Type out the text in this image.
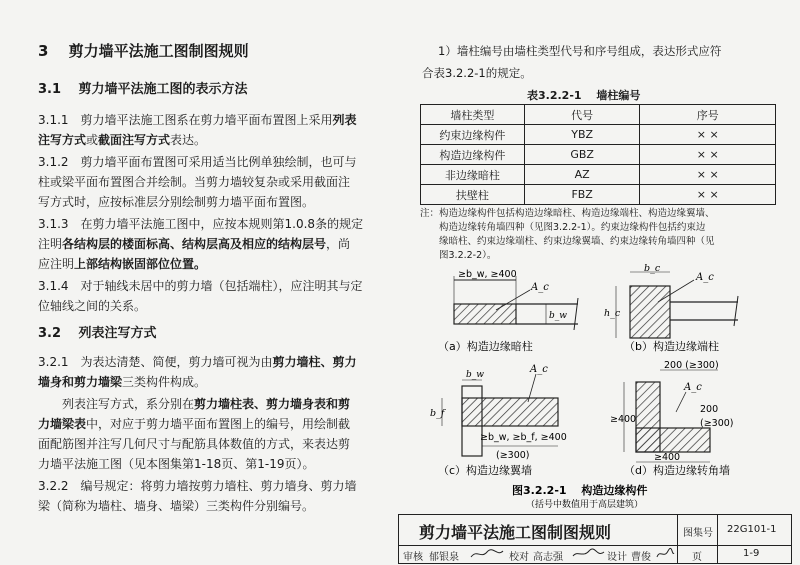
3　 剪力墙平法施工图制图规则
3.1　 剪力墙平法施工图的表示方法
3.1.1　剪力墙平法施工图系在剪力墙平面布置图上采用列表
注写方式或截面注写方式表达。
3.1.2　剪力墙平面布置图可采用适当比例单独绘制，也可与
柱或梁平面布置图合并绘制。当剪力墙较复杂或采用截面注
写方式时，应按标准层分别绘制剪力墙平面布置图。
3.1.3　在剪力墙平法施工图中，应按本规则第1.0.8条的规定
注明各结构层的楼面标高、结构层高及相应的结构层号，尚
应注明上部结构嵌固部位位置。
3.1.4　对于轴线未居中的剪力墙（包括端柱），应注明其与定
位轴线之间的关系。
3.2　 列表注写方式
3.2.1　为表达清楚、简便，剪力墙可视为由剪力墙柱、剪力
墙身和剪力墙梁三类构件构成。
列表注写方式，系分别在剪力墙柱表、剪力墙身表和剪
力墙梁表中，对应于剪力墙平面布置图上的编号，用绘制截
面配筋图并注写几何尺寸与配筋具体数值的方式，来表达剪
力墙平法施工图（见本图集第1-18页、第1-19页）。
3.2.2　编号规定：将剪力墙按剪力墙柱、剪力墙身、剪力墙
梁（简称为墙柱、墙身、墙梁）三类构件分别编号。
1）墙柱编号由墙柱类型代号和序号组成，表达形式应符
合表3.2.2-1的规定。
表3.2.2-1　 墙柱编号
墙柱类型	代号	序号
约束边缘构件	YBZ	× ×
构造边缘构件	GBZ	× ×
非边缘暗柱	AZ	× ×
扶壁柱	FBZ	× ×
注：构造边缘构件包括构造边缘暗柱、构造边缘端柱、构造边缘翼墙、
　　构造边缘转角墙四种（见图3.2.2-1）。约束边缘构件包括约束边
　　缘暗柱、约束边缘端柱、约束边缘翼墙、约束边缘转角墙四种（见
　　图3.2.2-2）。
≥b_w, ≥400
A_c
b_w
（a）构造边缘暗柱
b_c
A_c
h_c
（b）构造边缘端柱
b_f
b_w	A_c
≥b_w, ≥b_f, ≥400
(≥300)
（c）构造边缘翼墙
200 (≥300)
A_c
200
(≥300)
≥400
≥400
（d）构造边缘转角墙
图3.2.2-1　 构造边缘构件
（括号中数值用于高层建筑）
剪力墙平法施工图制图规则	图集号 22G101-1
审核 郁银泉	校对 高志强	设计 曹俊	页	1-9
